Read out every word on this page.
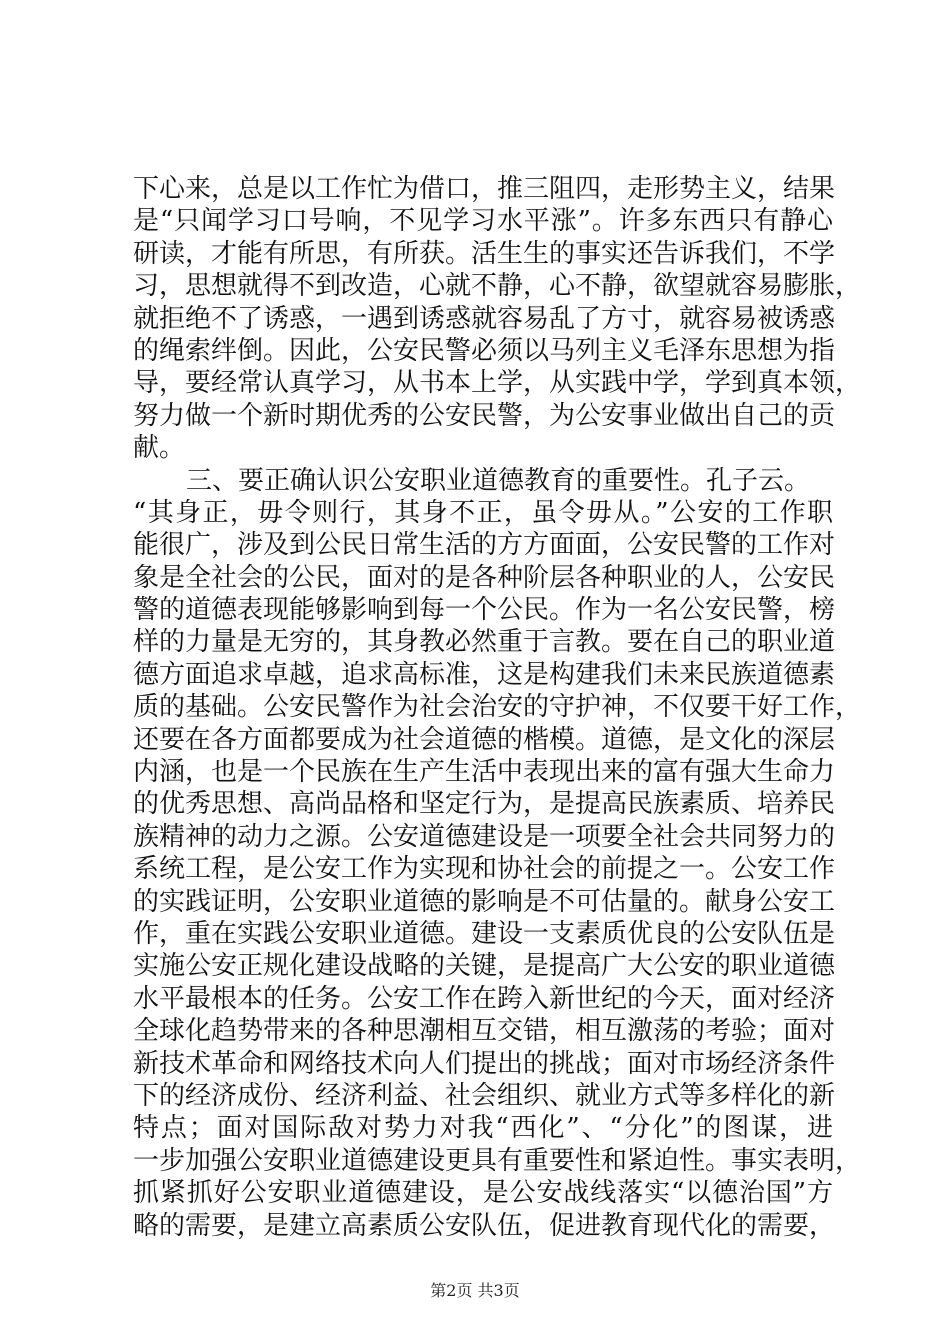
下心来，总是以工作忙为借口，推三阻四，走形势主义，结果
是“只闻学习口号响，不见学习水平涨”。许多东西只有静心
研读，才能有所思，有所获。活生生的事实还告诉我们，不学
习，思想就得不到改造，心就不静，心不静，欲望就容易膨胀，
就拒绝不了诱惑，一遇到诱惑就容易乱了方寸，就容易被诱惑
的绳索绊倒。因此，公安民警必须以马列主义毛泽东思想为指
导，要经常认真学习，从书本上学，从实践中学，学到真本领，
努力做一个新时期优秀的公安民警，为公安事业做出自己的贡
献。
三、要正确认识公安职业道德教育的重要性。孔子云。
“其身正，毋令则行，其身不正，虽令毋从。”公安的工作职
能很广，涉及到公民日常生活的方方面面，公安民警的工作对
象是全社会的公民，面对的是各种阶层各种职业的人，公安民
警的道德表现能够影响到每一个公民。作为一名公安民警，榜
样的力量是无穷的，其身教必然重于言教。要在自己的职业道
德方面追求卓越，追求高标准，这是构建我们未来民族道德素
质的基础。公安民警作为社会治安的守护神，不仅要干好工作，
还要在各方面都要成为社会道德的楷模。道德，是文化的深层
内涵，也是一个民族在生产生活中表现出来的富有强大生命力
的优秀思想、高尚品格和坚定行为，是提高民族素质、培养民
族精神的动力之源。公安道德建设是一项要全社会共同努力的
系统工程，是公安工作为实现和协社会的前提之一。公安工作
的实践证明，公安职业道德的影响是不可估量的。献身公安工
作，重在实践公安职业道德。建设一支素质优良的公安队伍是
实施公安正规化建设战略的关键，是提高广大公安的职业道德
水平最根本的任务。公安工作在跨入新世纪的今天，面对经济
全球化趋势带来的各种思潮相互交错，相互激荡的考验；面对
新技术革命和网络技术向人们提出的挑战；面对市场经济条件
下的经济成份、经济利益、社会组织、就业方式等多样化的新
特点；面对国际敌对势力对我“西化”、“分化”的图谋，进
一步加强公安职业道德建设更具有重要性和紧迫性。事实表明，
抓紧抓好公安职业道德建设，是公安战线落实“以德治国”方
略的需要，是建立高素质公安队伍，促进教育现代化的需要，
第2页 共3页
